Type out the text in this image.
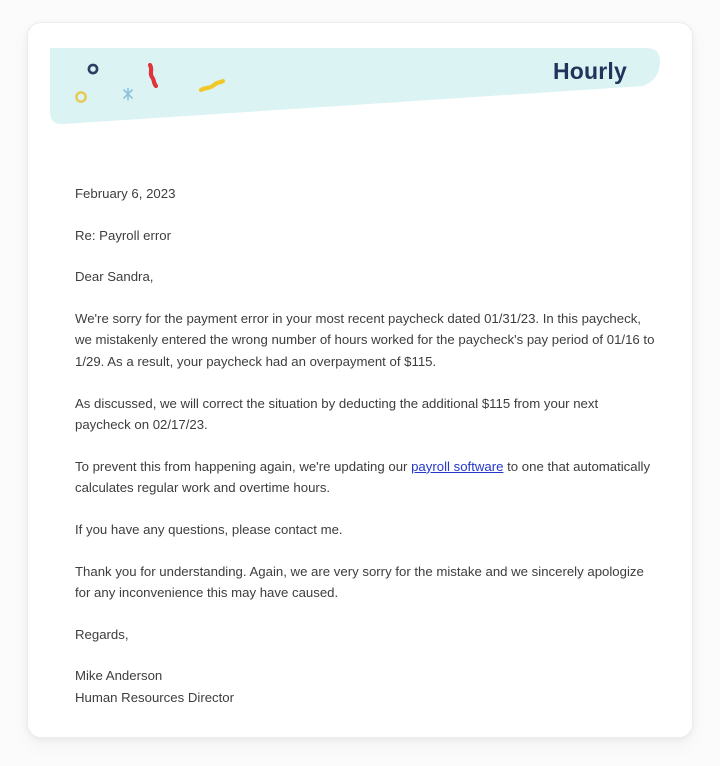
Hourly

February 6, 2023

Re: Payroll error

Dear Sandra,

We're sorry for the payment error in your most recent paycheck dated 01/31/23. In this paycheck, we mistakenly entered the wrong number of hours worked for the paycheck's pay period of 01/16 to 1/29. As a result, your paycheck had an overpayment of $115.

As discussed, we will correct the situation by deducting the additional $115 from your next paycheck on 02/17/23.

To prevent this from happening again, we're updating our payroll software to one that automatically calculates regular work and overtime hours.

If you have any questions, please contact me.

Thank you for understanding. Again, we are very sorry for the mistake and we sincerely apologize for any inconvenience this may have caused.

Regards,

Mike Anderson
Human Resources Director
